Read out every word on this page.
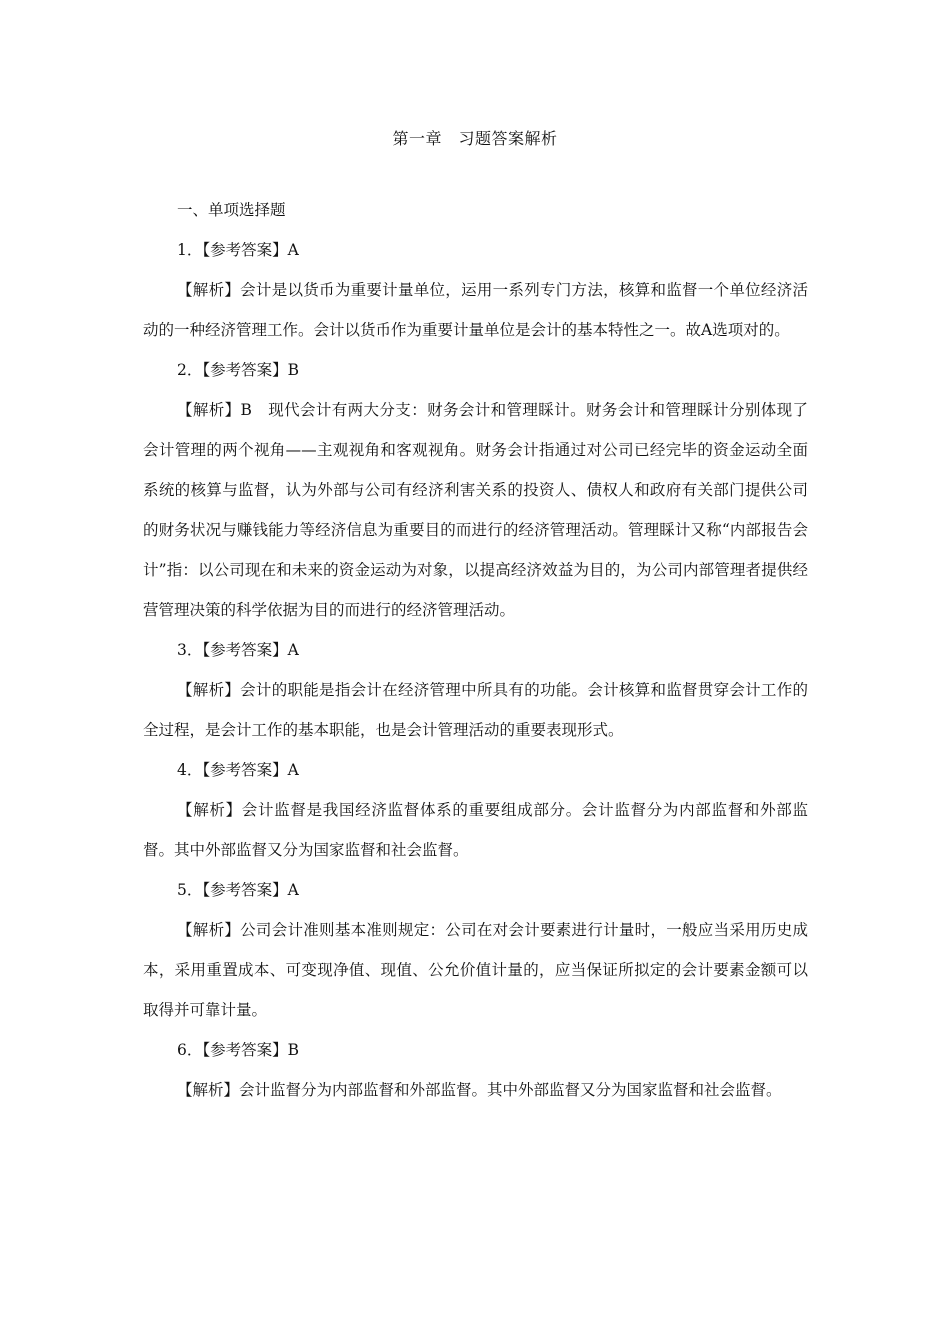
第一章　习题答案解析
一、单项选择题
1．【参考答案】A

【解析】会计是以货币为重要计量单位，运用一系列专门方法，核算和监督一个单位经济活动的一种经济管理工作。会计以货币作为重要计量单位是会计的基本特性之一。故A选项对的。

2．【参考答案】B

【解析】B　现代会计有两大分支：财务会计和管理睬计。财务会计和管理睬计分别体现了会计管理的两个视角——主观视角和客观视角。财务会计指通过对公司已经完毕的资金运动全面系统的核算与监督，认为外部与公司有经济利害关系的投资人、债权人和政府有关部门提供公司的财务状况与赚钱能力等经济信息为重要目的而进行的经济管理活动。管理睬计又称“内部报告会计”指：以公司现在和未来的资金运动为对象，以提高经济效益为目的，为公司内部管理者提供经营管理决策的科学依据为目的而进行的经济管理活动。

3．【参考答案】A

【解析】会计的职能是指会计在经济管理中所具有的功能。会计核算和监督贯穿会计工作的全过程，是会计工作的基本职能，也是会计管理活动的重要表现形式。

4．【参考答案】A

【解析】会计监督是我国经济监督体系的重要组成部分。会计监督分为内部监督和外部监督。其中外部监督又分为国家监督和社会监督。

5．【参考答案】A

【解析】公司会计准则基本准则规定：公司在对会计要素进行计量时，一般应当采用历史成本，采用重置成本、可变现净值、现值、公允价值计量的，应当保证所拟定的会计要素金额可以取得并可靠计量。

6．【参考答案】B

【解析】会计监督分为内部监督和外部监督。其中外部监督又分为国家监督和社会监督。
